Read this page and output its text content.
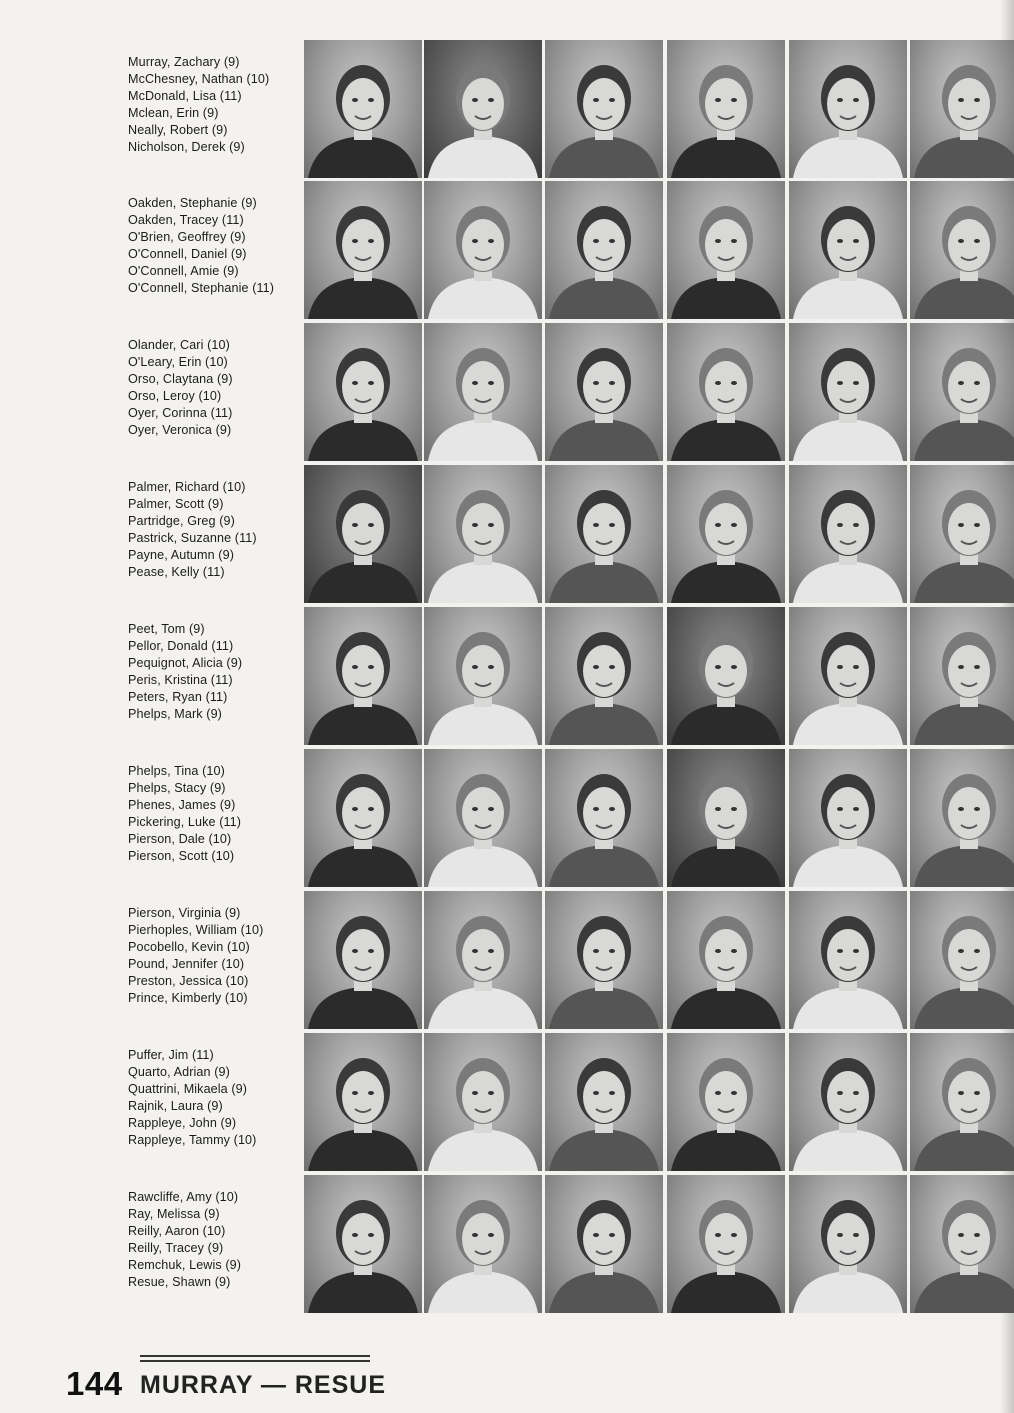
Murray, Zachary (9)
McChesney, Nathan (10)
McDonald, Lisa (11)
Mclean, Erin (9)
Neally, Robert (9)
Nicholson, Derek (9)
Oakden, Stephanie (9)
Oakden, Tracey (11)
O'Brien, Geoffrey (9)
O'Connell, Daniel (9)
O'Connell, Amie (9)
O'Connell, Stephanie (11)
Olander, Cari (10)
O'Leary, Erin (10)
Orso, Claytana (9)
Orso, Leroy (10)
Oyer, Corinna (11)
Oyer, Veronica (9)
Palmer, Richard (10)
Palmer, Scott (9)
Partridge, Greg (9)
Pastrick, Suzanne (11)
Payne, Autumn (9)
Pease, Kelly (11)
Peet, Tom (9)
Pellor, Donald (11)
Pequignot, Alicia (9)
Peris, Kristina (11)
Peters, Ryan (11)
Phelps, Mark (9)
Phelps, Tina (10)
Phelps, Stacy (9)
Phenes, James (9)
Pickering, Luke (11)
Pierson, Dale (10)
Pierson, Scott (10)
Pierson, Virginia (9)
Pierhoples, William (10)
Pocobello, Kevin (10)
Pound, Jennifer (10)
Preston, Jessica (10)
Prince, Kimberly (10)
Puffer, Jim (11)
Quarto, Adrian (9)
Quattrini, Mikaela (9)
Rajnik, Laura (9)
Rappleye, John (9)
Rappleye, Tammy (10)
Rawcliffe, Amy (10)
Ray, Melissa (9)
Reilly, Aaron (10)
Reilly, Tracey (9)
Remchuk, Lewis (9)
Resue, Shawn (9)
144 MURRAY — RESUE
